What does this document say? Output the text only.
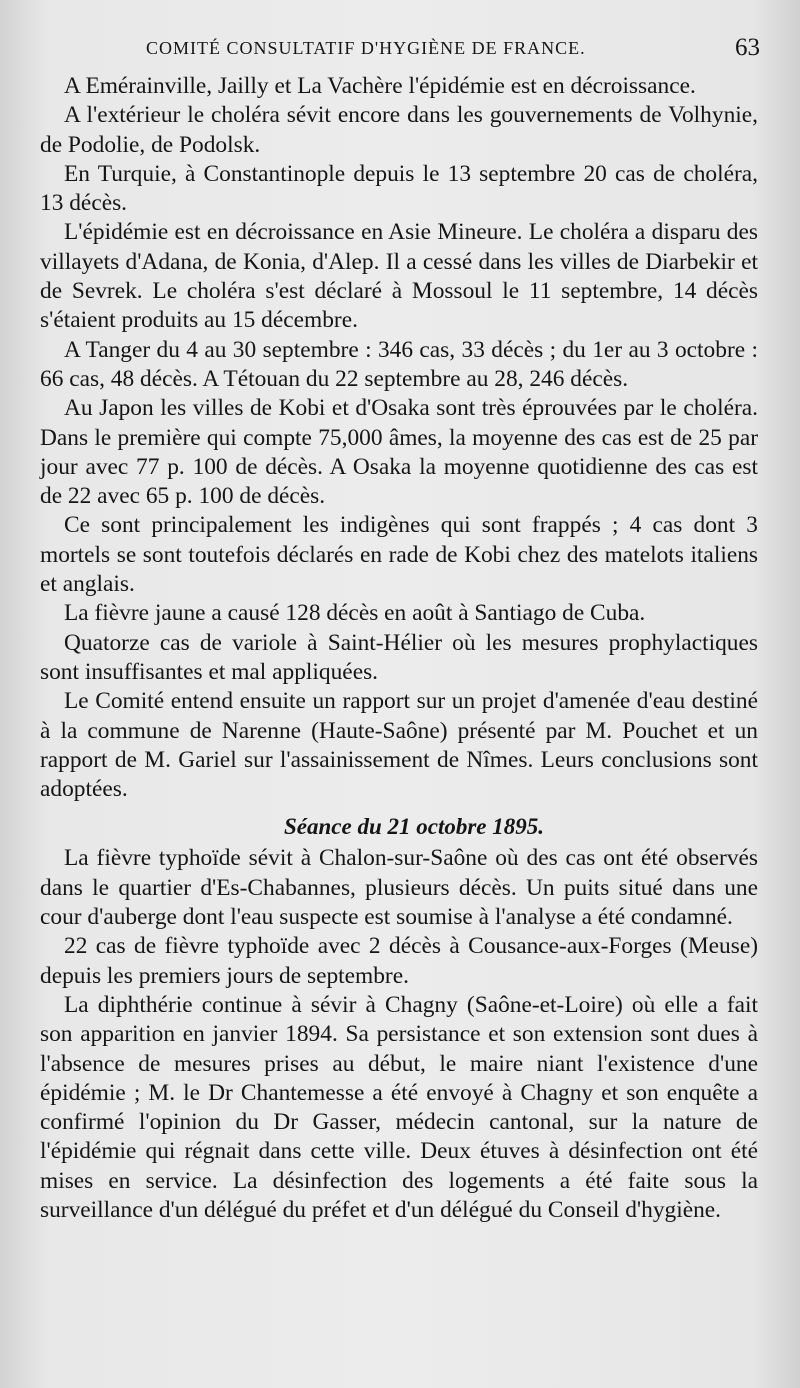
COMITÉ CONSULTATIF D'HYGIÈNE DE FRANCE.	63

A Emérainville, Jailly et La Vachère l'épidémie est en décroissance.

A l'extérieur le choléra sévit encore dans les gouvernements de Volhynie, de Podolie, de Podolsk.

En Turquie, à Constantinople depuis le 13 septembre 20 cas de choléra, 13 décès.

L'épidémie est en décroissance en Asie Mineure. Le choléra a disparu des villayets d'Adana, de Konia, d'Alep. Il a cessé dans les villes de Diarbekir et de Sevrek. Le choléra s'est déclaré à Mossoul le 11 septembre, 14 décès s'étaient produits au 15 décembre.

A Tanger du 4 au 30 septembre : 346 cas, 33 décès ; du 1er au 3 octobre : 66 cas, 48 décès. A Tétouan du 22 septembre au 28, 246 décès.

Au Japon les villes de Kobi et d'Osaka sont très éprouvées par le choléra. Dans le première qui compte 75,000 âmes, la moyenne des cas est de 25 par jour avec 77 p. 100 de décès. A Osaka la moyenne quotidienne des cas est de 22 avec 65 p. 100 de décès.

Ce sont principalement les indigènes qui sont frappés ; 4 cas dont 3 mortels se sont toutefois déclarés en rade de Kobi chez des matelots italiens et anglais.

La fièvre jaune a causé 128 décès en août à Santiago de Cuba.

Quatorze cas de variole à Saint-Hélier où les mesures prophylactiques sont insuffisantes et mal appliquées.

Le Comité entend ensuite un rapport sur un projet d'amenée d'eau destiné à la commune de Narenne (Haute-Saône) présenté par M. Pouchet et un rapport de M. Gariel sur l'assainissement de Nîmes. Leurs conclusions sont adoptées.

Séance du 21 octobre 1895.

La fièvre typhoïde sévit à Chalon-sur-Saône où des cas ont été observés dans le quartier d'Es-Chabannes, plusieurs décès. Un puits situé dans une cour d'auberge dont l'eau suspecte est soumise à l'analyse a été condamné.

22 cas de fièvre typhoïde avec 2 décès à Cousance-aux-Forges (Meuse) depuis les premiers jours de septembre.

La diphthérie continue à sévir à Chagny (Saône-et-Loire) où elle a fait son apparition en janvier 1894. Sa persistance et son extension sont dues à l'absence de mesures prises au début, le maire niant l'existence d'une épidémie ; M. le Dr Chantemesse a été envoyé à Chagny et son enquête a confirmé l'opinion du Dr Gasser, médecin cantonal, sur la nature de l'épidémie qui régnait dans cette ville. Deux étuves à désinfection ont été mises en service. La désinfection des logements a été faite sous la surveillance d'un délégué du préfet et d'un délégué du Conseil d'hygiène.
